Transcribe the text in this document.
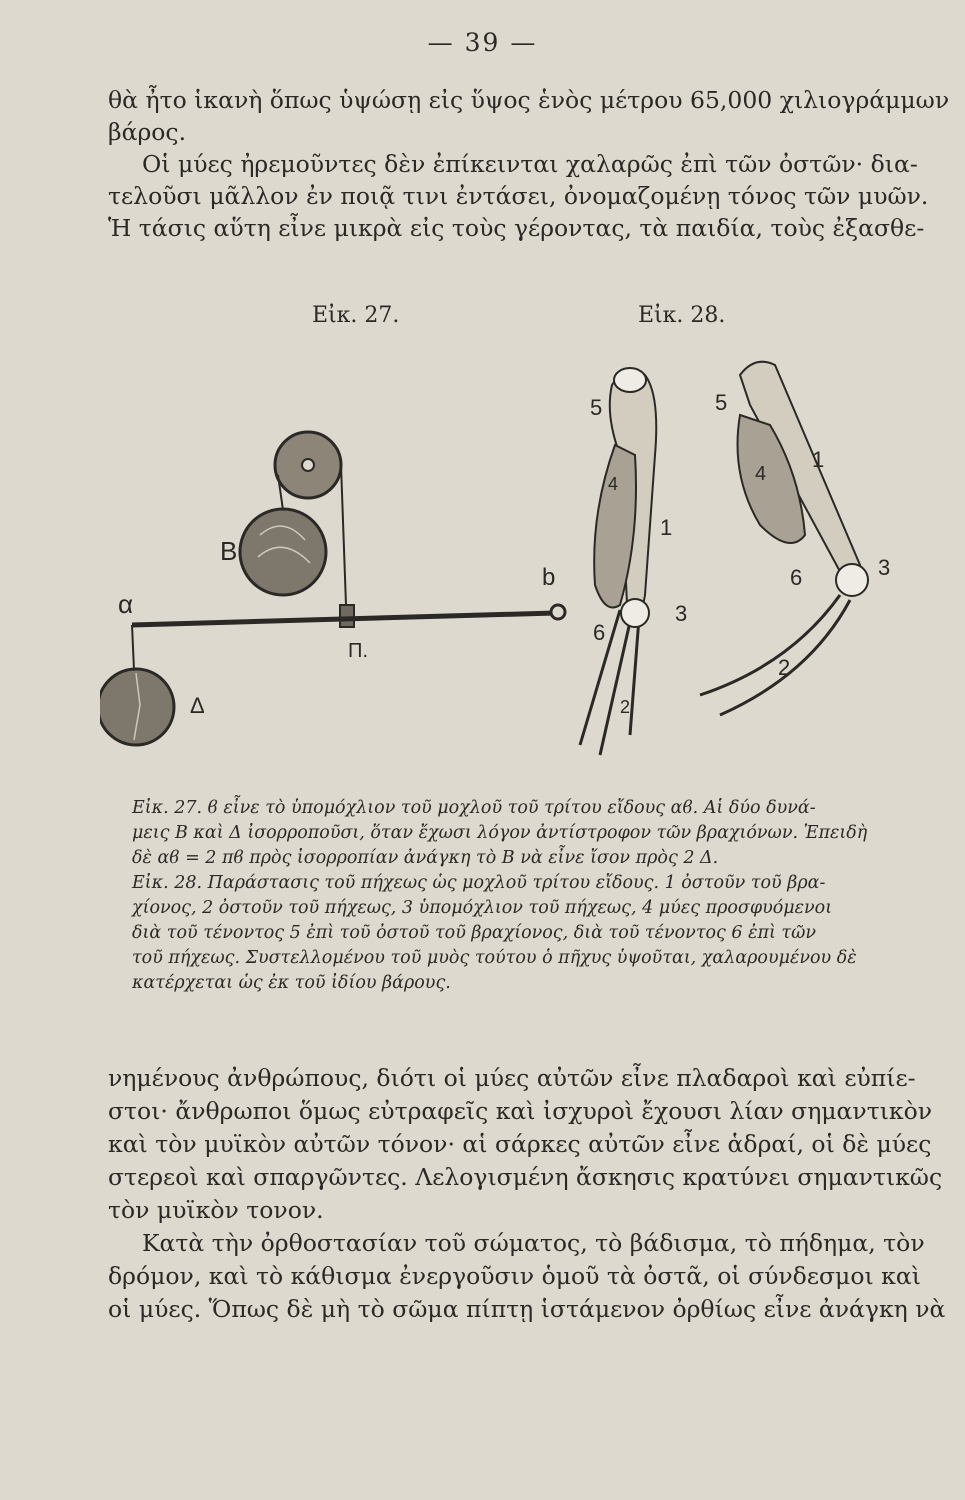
— 39 —
θὰ ἦτο ἱκανὴ ὅπως ὑψώσῃ εἰς ὕψος ἑνὸς μέτρου 65,000 χιλιογράμμων
βάρος.
Οἱ μύες ἠρεμοῦντες δὲν ἐπίκεινται χαλαρῶς ἐπὶ τῶν ὀστῶν· δια-
τελοῦσι μᾶλλον ἐν ποιᾷ τινι ἐντάσει, ὀνομαζομένῃ τόνος τῶν μυῶν.
Ἡ τάσις αὕτη εἶνε μικρὰ εἰς τοὺς γέροντας, τὰ παιδία, τοὺς ἐξασθε-
Εἰκ. 27.	Εἰκ. 28.
Β
α
b
Π.
Δ
5
4
1
3
6
2
5
4
1
6	3
2
Εἰκ. 27. ϐ εἶνε τὸ ὑπομόχλιον τοῦ μοχλοῦ τοῦ τρίτου εἴδους αϐ. Αἱ δύο δυνά-
μεις Β καὶ Δ ἰσορροποῦσι, ὅταν ἔχωσι λόγον ἀντίστροφον τῶν βραχιόνων. Ἐπειδὴ
δὲ αϐ = 2 πϐ πρὸς ἰσορροπίαν ἀνάγκη τὸ Β νὰ εἶνε ἴσον πρὸς 2 Δ.
Εἰκ. 28. Παράστασις τοῦ πήχεως ὡς μοχλοῦ τρίτου εἴδους. 1 ὀστοῦν τοῦ βρα-
χίονος, 2 ὀστοῦν τοῦ πήχεως, 3 ὑπομόχλιον τοῦ πήχεως, 4 μύες προσφυόμενοι
διὰ τοῦ τένοντος 5 ἐπὶ τοῦ ὀστοῦ τοῦ βραχίονος, διὰ τοῦ τένοντος 6 ἐπὶ τῶν
τοῦ πήχεως. Συστελλομένου τοῦ μυὸς τούτου ὁ πῆχυς ὑψοῦται, χαλαρουμένου δὲ
κατέρχεται ὡς ἐκ τοῦ ἰδίου βάρους.
νημένους ἀνθρώπους, διότι οἱ μύες αὐτῶν εἶνε πλαδαροὶ καὶ εὐπίε-
στοι· ἄνθρωποι ὅμως εὐτραφεῖς καὶ ἰσχυροὶ ἔχουσι λίαν σημαντικὸν
καὶ τὸν μυϊκὸν αὐτῶν τόνον· αἱ σάρκες αὐτῶν εἶνε ἁδραί, οἱ δὲ μύες
στερεοὶ καὶ σπαργῶντες. Λελογισμένη ἄσκησις κρατύνει σημαντικῶς
τὸν μυϊκὸν τονον.
Κατὰ τὴν ὀρθοστασίαν τοῦ σώματος, τὸ βάδισμα, τὸ πήδημα, τὸν
δρόμον, καὶ τὸ κάθισμα ἐνεργοῦσιν ὁμοῦ τὰ ὀστᾶ, οἱ σύνδεσμοι καὶ
οἱ μύες. Ὅπως δὲ μὴ τὸ σῶμα πίπτῃ ἱστάμενον ὀρθίως εἶνε ἀνάγκη νὰ
